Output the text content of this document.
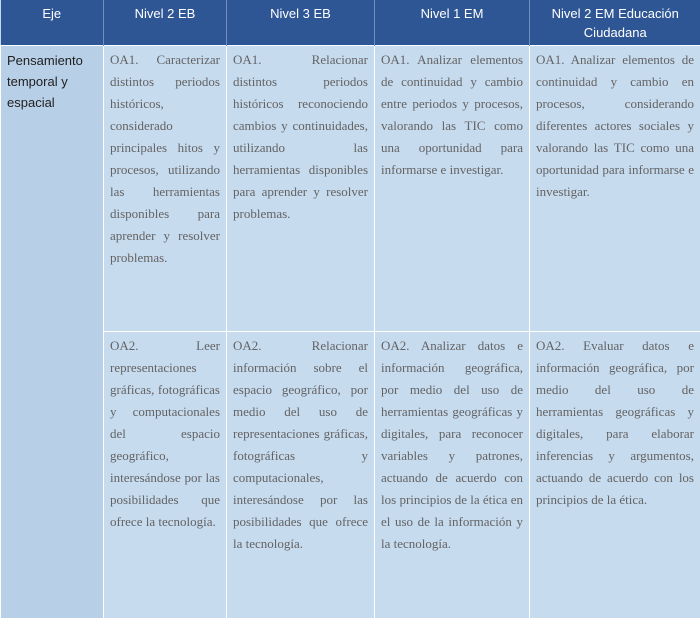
Eje	Nivel 2 EB	Nivel 3 EB	Nivel 1 EM	Nivel 2 EM Educación Ciudadana
Pensamiento temporal y espacial	OA1. Caracterizar distintos periodos históricos, considerado principales hitos y procesos, utilizando las herramientas disponibles para aprender y resolver problemas.	OA1. Relacionar distintos periodos históricos reconociendo cambios y continuidades, utilizando las herramientas disponibles para aprender y resolver problemas.	OA1. Analizar elementos de continuidad y cambio entre periodos y procesos, valorando las TIC como una oportunidad para informarse e investigar.	OA1. Analizar elementos de continuidad y cambio en procesos, considerando diferentes actores sociales y valorando las TIC como una oportunidad para informarse e investigar.
	OA2. Leer representaciones gráficas, fotográficas y computacionales del espacio geográfico, interesándose por las posibilidades que ofrece la tecnología.	OA2. Relacionar información sobre el espacio geográfico, por medio del uso de representaciones gráficas, fotográficas y computacionales, interesándose por las posibilidades que ofrece la tecnología.	OA2. Analizar datos e información geográfica, por medio del uso de herramientas geográficas y digitales, para reconocer variables y patrones, actuando de acuerdo con los principios de la ética en el uso de la información y la tecnología.	OA2. Evaluar datos e información geográfica, por medio del uso de herramientas geográficas y digitales, para elaborar inferencias y argumentos, actuando de acuerdo con los principios de la ética.
